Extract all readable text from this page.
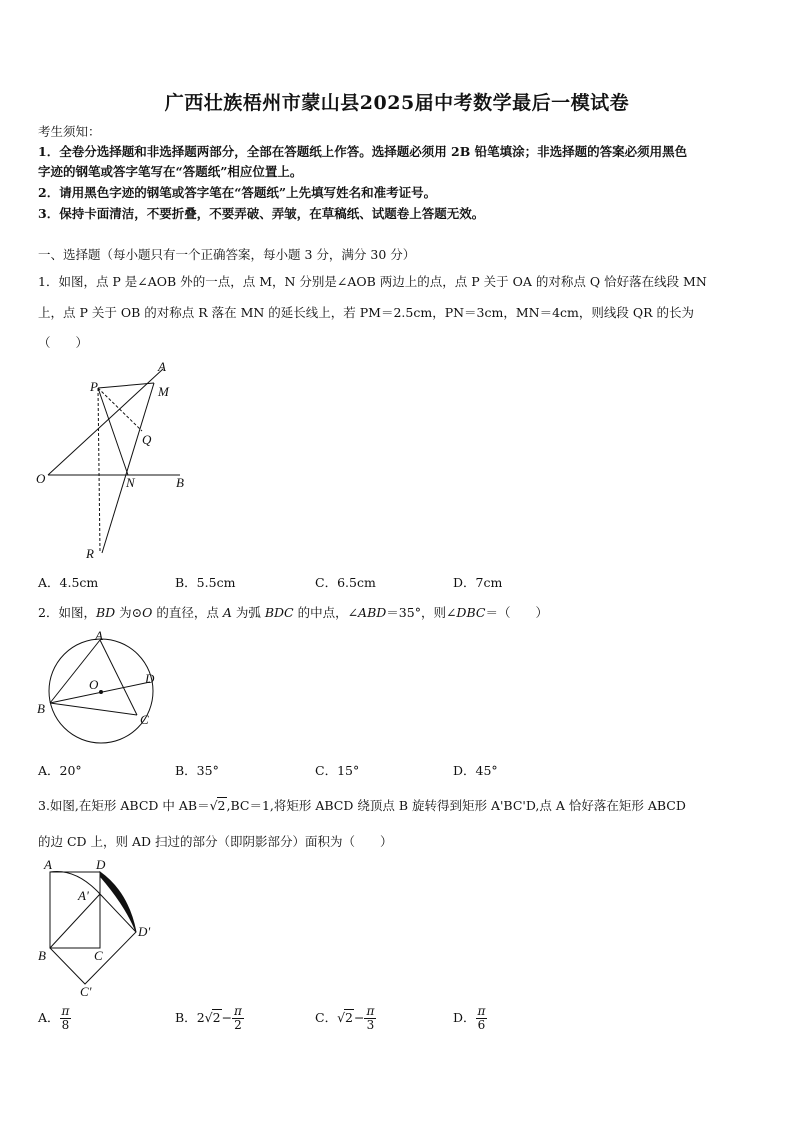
广西壮族梧州市蒙山县2025届中考数学最后一模试卷
考生须知：
1．全卷分选择题和非选择题两部分，全部在答题纸上作答。选择题必须用 2B 铅笔填涂；非选择题的答案必须用黑色
字迹的钢笔或答字笔写在“答题纸”相应位置上。
2．请用黑色字迹的钢笔或答字笔在“答题纸”上先填写姓名和准考证号。
3．保持卡面清洁，不要折叠，不要弄破、弄皱，在草稿纸、试题卷上答题无效。
一、选择题（每小题只有一个正确答案，每小题 3 分，满分 30 分）
1．如图，点 P 是∠AOB 外的一点，点 M，N 分别是∠AOB 两边上的点，点 P 关于 OA 的对称点 Q 恰好落在线段 MN
上，点 P 关于 OB 的对称点 R 落在 MN 的延长线上，若 PM＝2.5cm，PN＝3cm，MN＝4cm，则线段 QR 的长为
（　　）
P
A
M
Q
O	N	B
R
A．4.5cm	B．5.5cm	C．6.5cm	D．7cm
2．如图，BD 为⊙O 的直径，点 A 为弧 BDC 的中点，∠ABD＝35°，则∠DBC＝（　　）
A
O	D
B
C
A．20°	B．35°	C．15°	D．45°
3.如图,在矩形 ABCD 中 AB＝√2,BC＝1,将矩形 ABCD 绕顶点 B 旋转得到矩形 A'BC'D,点 A 恰好落在矩形 ABCD
的边 CD 上，则 AD 扫过的部分（即阴影部分）面积为（　　）
A	D
A'
D'
B	C
C'
A． $\frac{\pi}{8}$	B．$2√2- \frac{\pi}{2}$	C．$√2- \frac{\pi}{3}$	D． $\frac{\pi}{6}$
